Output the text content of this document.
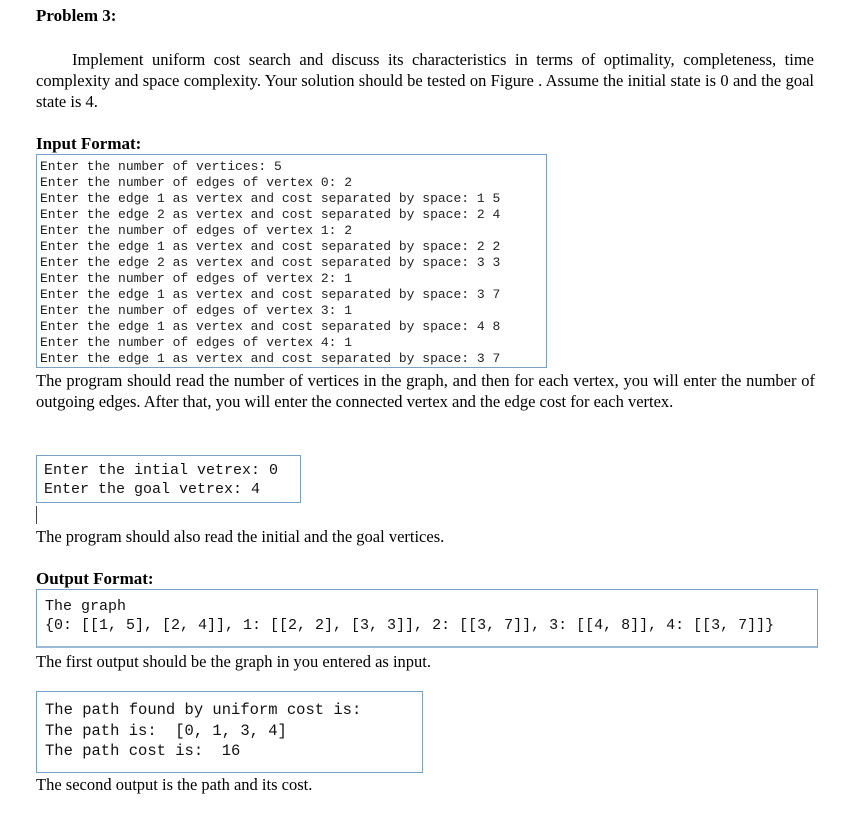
Problem 3:
Implement uniform cost search and discuss its characteristics in terms of optimality, completeness, time complexity and space complexity. Your solution should be tested on Figure . Assume the initial state is 0 and the goal state is 4.
Input Format:
Enter the number of vertices: 5
Enter the number of edges of vertex 0: 2
Enter the edge 1 as vertex and cost separated by space: 1 5
Enter the edge 2 as vertex and cost separated by space: 2 4
Enter the number of edges of vertex 1: 2
Enter the edge 1 as vertex and cost separated by space: 2 2
Enter the edge 2 as vertex and cost separated by space: 3 3
Enter the number of edges of vertex 2: 1
Enter the edge 1 as vertex and cost separated by space: 3 7
Enter the number of edges of vertex 3: 1
Enter the edge 1 as vertex and cost separated by space: 4 8
Enter the number of edges of vertex 4: 1
Enter the edge 1 as vertex and cost separated by space: 3 7
The program should read the number of vertices in the graph, and then for each vertex, you will enter the number of outgoing edges. After that, you will enter the connected vertex and the edge cost for each vertex.
Enter the intial vetrex: 0
Enter the goal vetrex: 4
The program should also read the initial and the goal vertices.
Output Format:
The graph
{0: [[1, 5], [2, 4]], 1: [[2, 2], [3, 3]], 2: [[3, 7]], 3: [[4, 8]], 4: [[3, 7]]}
The first output should be the graph in you entered as input.
The path found by uniform cost is:
The path is:  [0, 1, 3, 4]
The path cost is:  16
The second output is the path and its cost.
